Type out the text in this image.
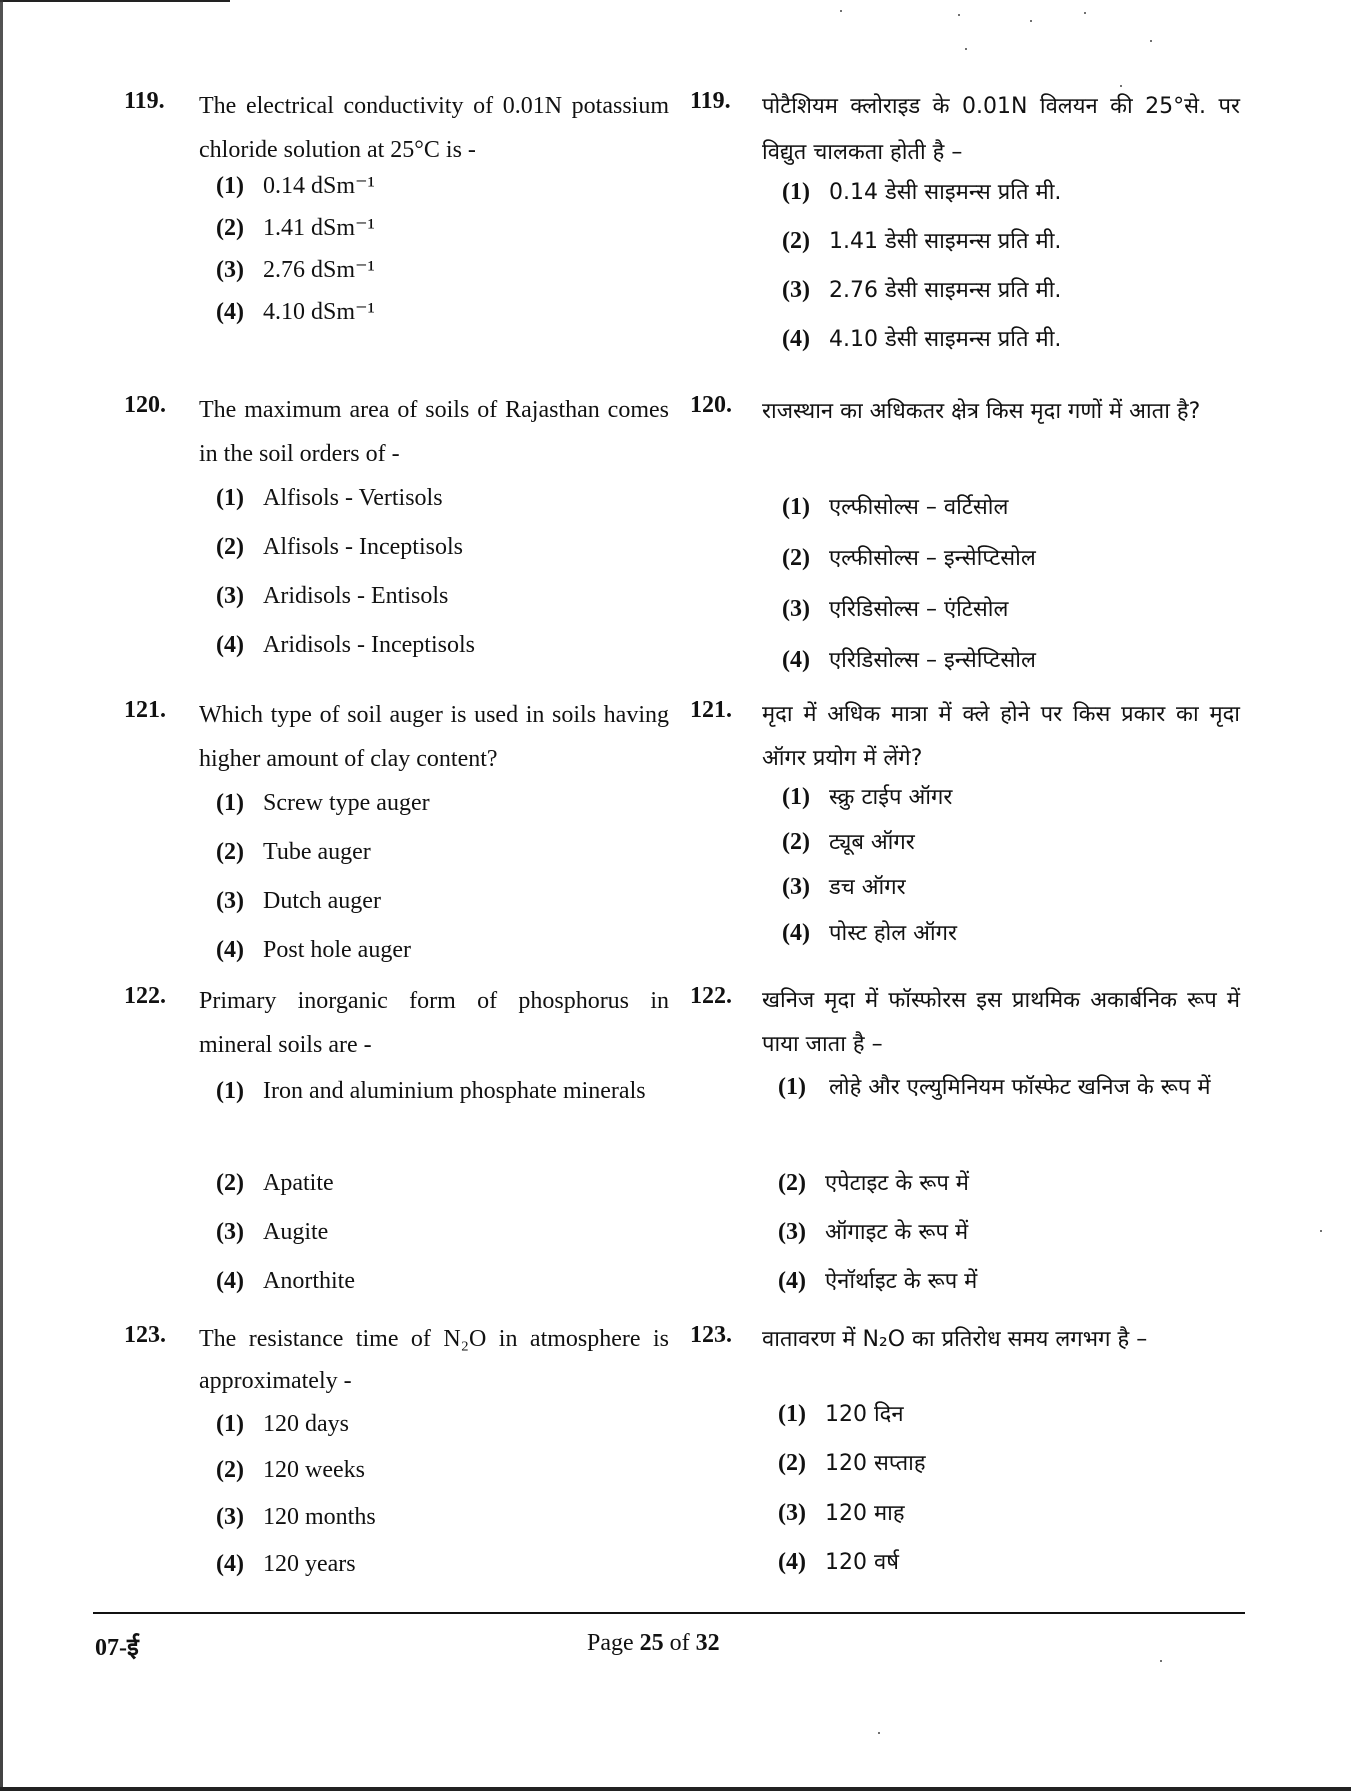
119. The electrical conductivity of 0.01N potassium chloride solution at 25°C is -
(1) 0.14 dSm⁻¹
(2) 1.41 dSm⁻¹
(3) 2.76 dSm⁻¹
(4) 4.10 dSm⁻¹
120. The maximum area of soils of Rajasthan comes in the soil orders of -
(1) Alfisols - Vertisols
(2) Alfisols - Inceptisols
(3) Aridisols - Entisols
(4) Aridisols - Inceptisols
121. Which type of soil auger is used in soils having higher amount of clay content?
(1) Screw type auger
(2) Tube auger
(3) Dutch auger
(4) Post hole auger
122. Primary inorganic form of phosphorus in mineral soils are -
(1) Iron and aluminium phosphate minerals
(2) Apatite
(3) Augite
(4) Anorthite
123. The resistance time of N₂O in atmosphere is approximately -
(1) 120 days
(2) 120 weeks
(3) 120 months
(4) 120 years
119. पोटैशियम क्लोराइड के 0.01N विलयन की 25°से. पर विद्युत चालकता होती है –
(1) 0.14 डेसी साइमन्स प्रति मी.
(2) 1.41 डेसी साइमन्स प्रति मी.
(3) 2.76 डेसी साइमन्स प्रति मी.
(4) 4.10 डेसी साइमन्स प्रति मी.
120. राजस्थान का अधिकतर क्षेत्र किस मृदा गणों में आता है?
(1) एल्फीसोल्स – वर्टिसोल
(2) एल्फीसोल्स – इन्सेप्टिसोल
(3) एरिडिसोल्स – एंटिसोल
(4) एरिडिसोल्स – इन्सेप्टिसोल
121. मृदा में अधिक मात्रा में क्ले होने पर किस प्रकार का मृदा ऑगर प्रयोग में लेंगे?
(1) स्क्रु टाईप ऑगर
(2) ट्यूब ऑगर
(3) डच ऑगर
(4) पोस्ट होल ऑगर
122. खनिज मृदा में फॉस्फोरस इस प्राथमिक अकार्बनिक रूप में पाया जाता है –
(1) लोहे और एल्युमिनियम फॉस्फेट खनिज के रूप में
(2) एपेटाइट के रूप में
(3) ऑगाइट के रूप में
(4) ऐनॉर्थाइट के रूप में
123. वातावरण में N₂O का प्रतिरोध समय लगभग है –
(1) 120 दिन
(2) 120 सप्ताह
(3) 120 माह
(4) 120 वर्ष
07-ई	Page 25 of 32
